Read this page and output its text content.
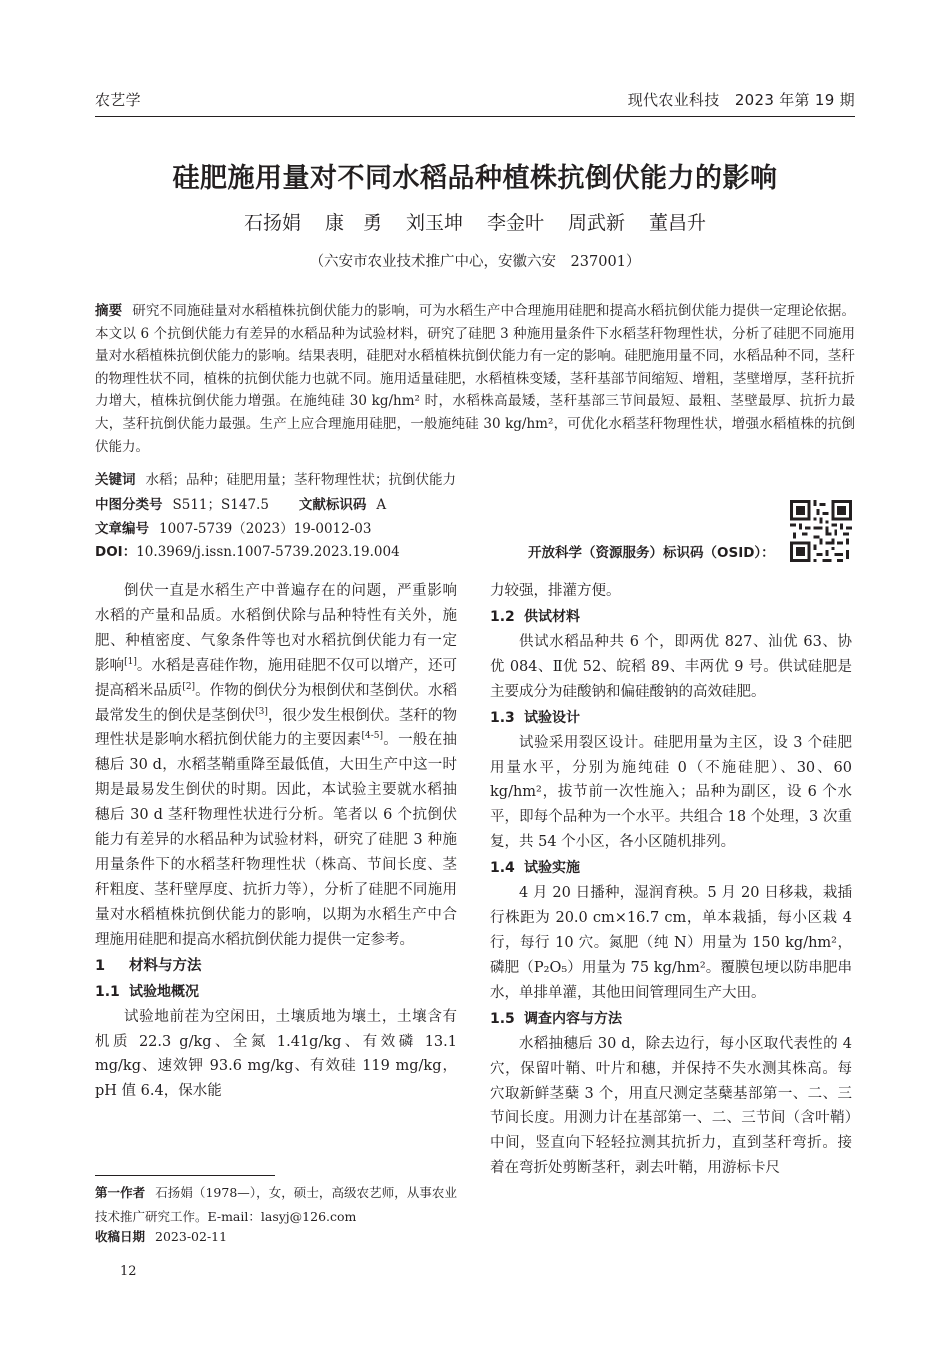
农艺学	现代农业科技　2023 年第 19 期
硅肥施用量对不同水稻品种植株抗倒伏能力的影响
石扬娟 康　勇 刘玉坤 李金叶 周武新 董昌升
（六安市农业技术推广中心，安徽六安　237001）
摘要 研究不同施硅量对水稻植株抗倒伏能力的影响，可为水稻生产中合理施用硅肥和提高水稻抗倒伏能力提供一定理论依据。本文以 6 个抗倒伏能力有差异的水稻品种为试验材料，研究了硅肥 3 种施用量条件下水稻茎秆物理性状，分析了硅肥不同施用量对水稻植株抗倒伏能力的影响。结果表明，硅肥对水稻植株抗倒伏能力有一定的影响。硅肥施用量不同，水稻品种不同，茎秆的物理性状不同，植株的抗倒伏能力也就不同。施用适量硅肥，水稻植株变矮，茎秆基部节间缩短、增粗，茎壁增厚，茎秆抗折力增大，植株抗倒伏能力增强。在施纯硅 30 kg/hm² 时，水稻株高最矮，茎秆基部三节间最短、最粗、茎壁最厚、抗折力最大，茎秆抗倒伏能力最强。生产上应合理施用硅肥，一般施纯硅 30 kg/hm²，可优化水稻茎秆物理性状，增强水稻植株的抗倒伏能力。
关键词 水稻；品种；硅肥用量；茎秆物理性状；抗倒伏能力
中图分类号 S511；S147.5 文献标识码 A
文章编号 1007-5739（2023）19-0012-03
DOI：10.3969/j.issn.1007-5739.2023.19.004	开放科学（资源服务）标识码（OSID）：

倒伏一直是水稻生产中普遍存在的问题，严重影响水稻的产量和品质。水稻倒伏除与品种特性有关外，施肥、种植密度、气象条件等也对水稻抗倒伏能力有一定影响[1]。水稻是喜硅作物，施用硅肥不仅可以增产，还可提高稻米品质[2]。作物的倒伏分为根倒伏和茎倒伏。水稻最常发生的倒伏是茎倒伏[3]，很少发生根倒伏。茎秆的物理性状是影响水稻抗倒伏能力的主要因素[4-5]。一般在抽穗后 30 d，水稻茎鞘重降至最低值，大田生产中这一时期是最易发生倒伏的时期。因此，本试验主要就水稻抽穗后 30 d 茎秆物理性状进行分析。笔者以 6 个抗倒伏能力有差异的水稻品种为试验材料，研究了硅肥 3 种施用量条件下的水稻茎秆物理性状（株高、节间长度、茎秆粗度、茎秆壁厚度、抗折力等），分析了硅肥不同施用量对水稻植株抗倒伏能力的影响，以期为水稻生产中合理施用硅肥和提高水稻抗倒伏能力提供一定参考。

1 材料与方法
1.1 试验地概况

试验地前茬为空闲田，土壤质地为壤土，土壤含有机质 22.3 g/kg、全氮 1.41g/kg、有效磷 13.1 mg/kg、速效钾 93.6 mg/kg、有效硅 119 mg/kg，pH 值 6.4，保水能

力较强，排灌方便。

1.2 供试材料

供试水稻品种共 6 个，即两优 827、汕优 63、协优 084、Ⅱ优 52、皖稻 89、丰两优 9 号。供试硅肥是主要成分为硅酸钠和偏硅酸钠的高效硅肥。

1.3 试验设计

试验采用裂区设计。硅肥用量为主区，设 3 个硅肥用量水平，分别为施纯硅 0（不施硅肥）、30、60 kg/hm²，拔节前一次性施入；品种为副区，设 6 个水平，即每个品种为一个水平。共组合 18 个处理，3 次重复，共 54 个小区，各小区随机排列。

1.4 试验实施

4 月 20 日播种，湿润育秧。5 月 20 日移栽，栽插行株距为 20.0 cm×16.7 cm，单本栽插，每小区栽 4 行，每行 10 穴。氮肥（纯 N）用量为 150 kg/hm²，磷肥（P₂O₅）用量为 75 kg/hm²。覆膜包埂以防串肥串水，单排单灌，其他田间管理同生产大田。

1.5 调查内容与方法

水稻抽穗后 30 d，除去边行，每小区取代表性的 4 穴，保留叶鞘、叶片和穗，并保持不失水测其株高。每穴取新鲜茎蘖 3 个，用直尺测定茎蘖基部第一、二、三节间长度。用测力计在基部第一、二、三节间（含叶鞘）中间，竖直向下轻轻拉测其抗折力，直到茎秆弯折。接着在弯折处剪断茎秆，剥去叶鞘，用游标卡尺

第一作者 石扬娟（1978—），女，硕士，高级农艺师，从事农业技术推广研究工作。E-mail：lasyj@126.com
收稿日期 2023-02-11
12
